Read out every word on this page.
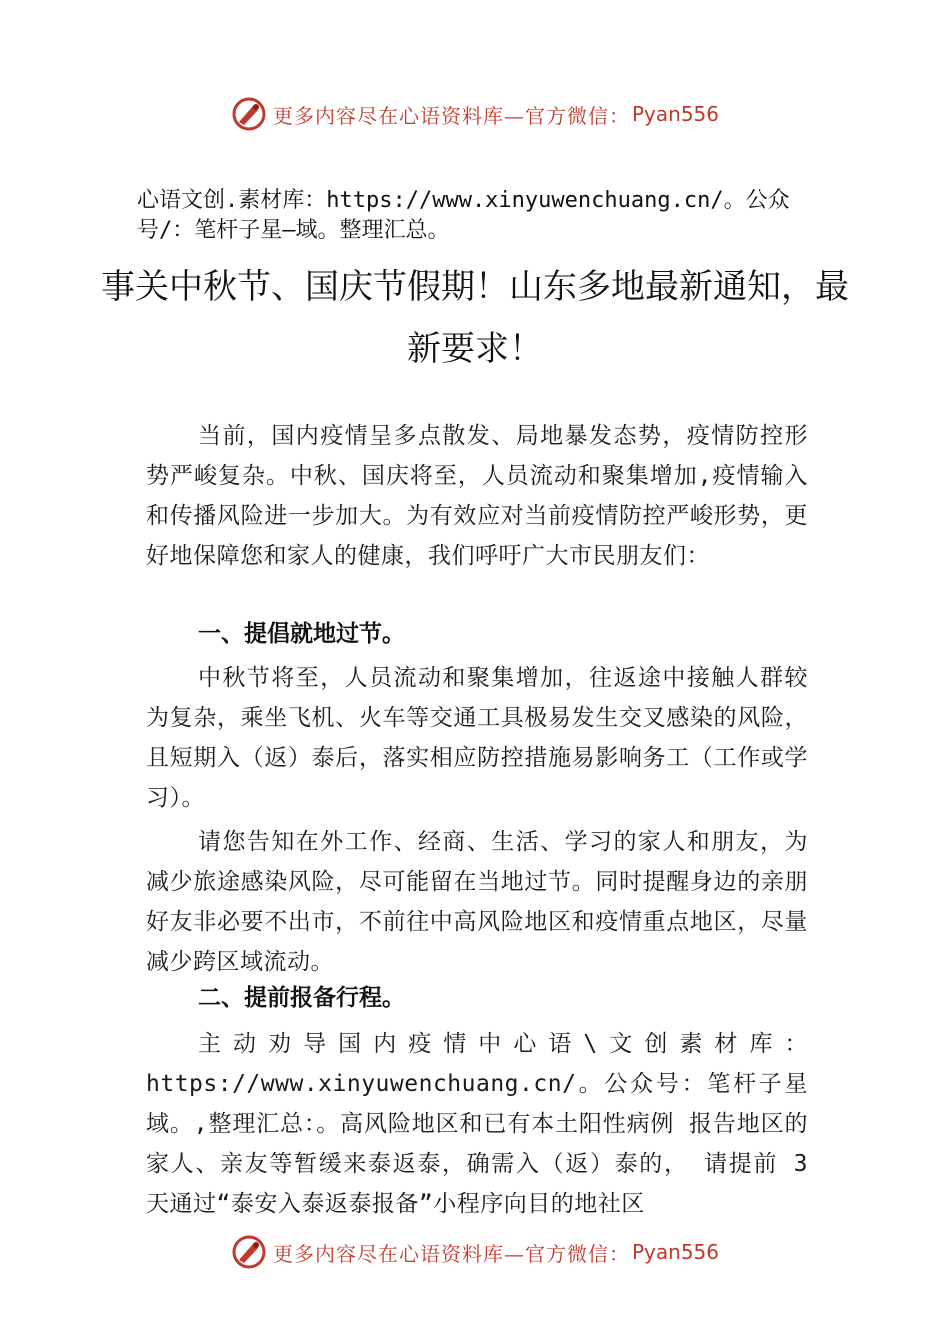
更多内容尽在心语资料库—官方微信： Pyan556

心语文创.素材库：https://www.xinyuwenchuang.cn/。公众号/：笔杆子星—域。整理汇总。

事关中秋节、国庆节假期！山东多地最新通知，最新要求！

当前，国内疫情呈多点散发、局地暴发态势，疫情防控形势严峻复杂。中秋、国庆将至，人员流动和聚集增加,疫情输入和传播风险进一步加大。为有效应对当前疫情防控严峻形势，更好地保障您和家人的健康，我们呼吁广大市民朋友们：

一、提倡就地过节。

中秋节将至，人员流动和聚集增加，往返途中接触人群较为复杂，乘坐飞机、火车等交通工具极易发生交叉感染的风险，且短期入（返）泰后，落实相应防控措施易影响务工（工作或学习）。

请您告知在外工作、经商、生活、学习的家人和朋友，为减少旅途感染风险，尽可能留在当地过节。同时提醒身边的亲朋好友非必要不出市，不前往中高风险地区和疫情重点地区，尽量减少跨区域流动。

二、提前报备行程。

主动劝导国内疫情中心语\文创素材库：https://www.xinyuwenchuang.cn/。公众号：笔杆子星域。,整理汇总：。高风险地区和已有本土阳性病例 报告地区的家人、亲友等暂缓来泰返泰，确需入（返）泰的， 请提前 3 天通过“泰安入泰返泰报备”小程序向目的地社区

更多内容尽在心语资料库—官方微信： Pyan556
